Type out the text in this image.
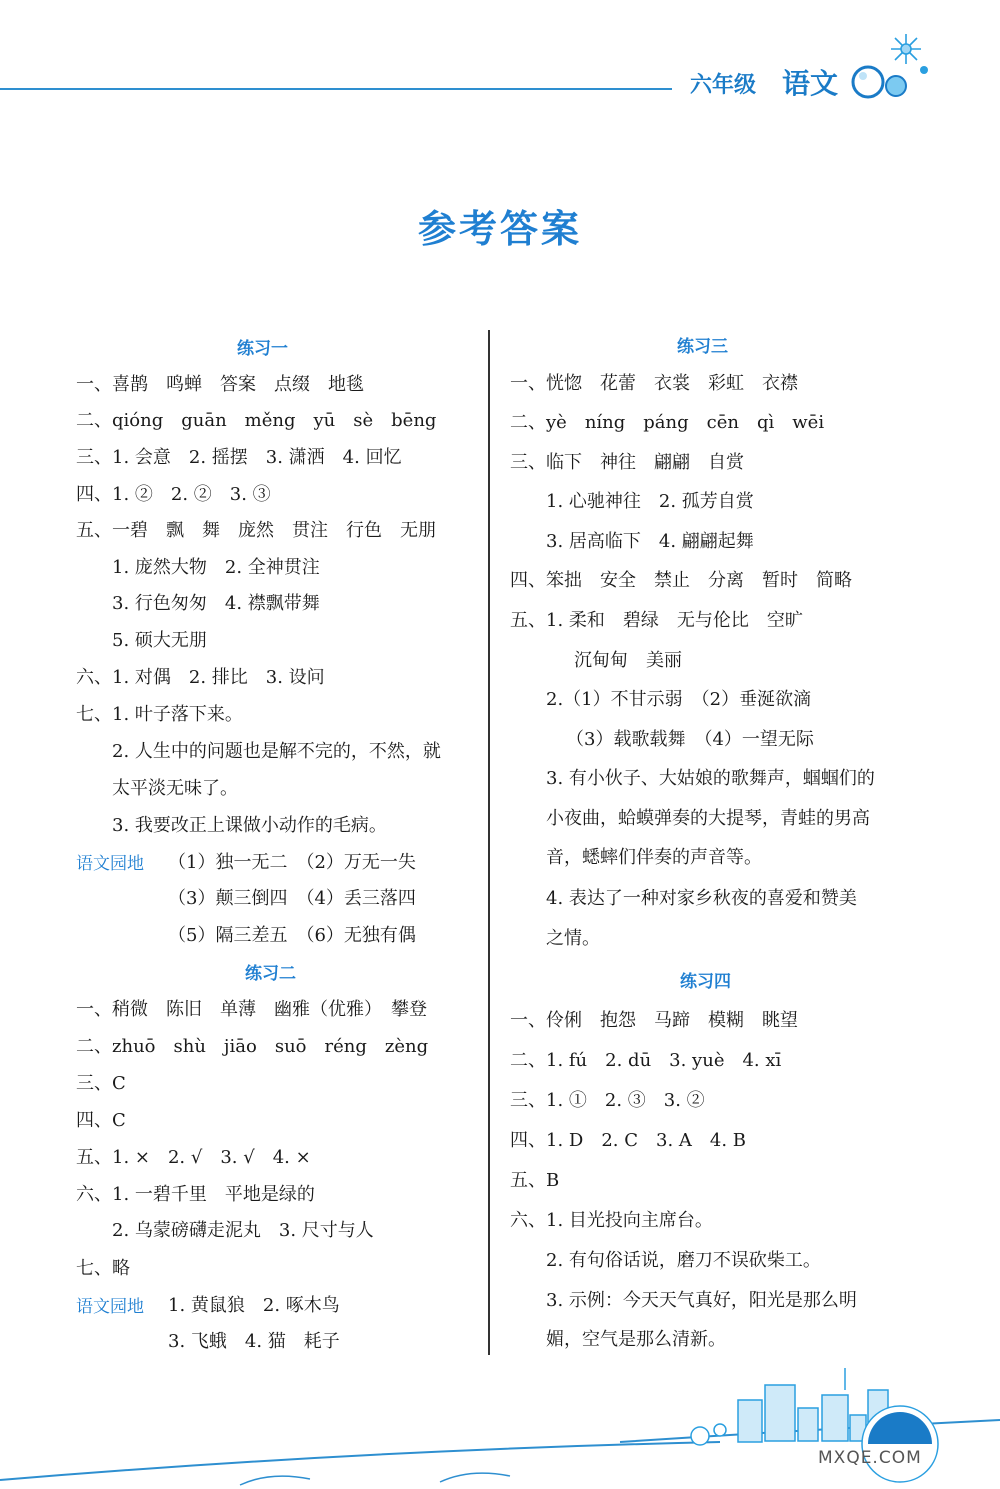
六年级 语文
参考答案
练习一
一、喜鹊　鸣蝉　答案　点缀　地毯
二、qióng　guān　měng　yū　sè　bēng
三、1. 会意　2. 摇摆　3. 潇洒　4. 回忆
四、1. ②　2. ②　3. ③
五、一碧　飘　舞　庞然　贯注　行色　无朋
1. 庞然大物　2. 全神贯注
3. 行色匆匆　4. 襟飘带舞
5. 硕大无朋
六、1. 对偶　2. 排比　3. 设问
七、1. 叶子落下来。
2. 人生中的问题也是解不完的，不然，就
太平淡无味了。
3. 我要改正上课做小动作的毛病。
语文园地 （1）独一无二　（2）万无一失
（3）颠三倒四　（4）丢三落四
（5）隔三差五　（6）无独有偶
练习二
一、稍微　陈旧　单薄　幽雅（优雅）　攀登
二、zhuō　shù　jiāo　suō　réng　zèng
三、C
四、C
五、1. ×　2. √　3. √　4. ×
六、1. 一碧千里　平地是绿的
2. 乌蒙磅礴走泥丸　3. 尺寸与人
七、略
语文园地 1. 黄鼠狼　2. 啄木鸟
3. 飞蛾　4. 猫　耗子
练习三
一、恍惚　花蕾　衣裳　彩虹　衣襟
二、yè　níng　páng　cēn　qì　wēi
三、临下　神往　翩翩　自赏
1. 心驰神往　2. 孤芳自赏
3. 居高临下　4. 翩翩起舞
四、笨拙　安全　禁止　分离　暂时　简略
五、1. 柔和　碧绿　无与伦比　空旷
沉甸甸　美丽
2.（1）不甘示弱　（2）垂涎欲滴
（3）载歌载舞　（4）一望无际
3. 有小伙子、大姑娘的歌舞声，蝈蝈们的
小夜曲，蛤蟆弹奏的大提琴，青蛙的男高
音，蟋蟀们伴奏的声音等。
4. 表达了一种对家乡秋夜的喜爱和赞美
之情。
练习四
一、伶俐　抱怨　马蹄　模糊　眺望
二、1. fú　2. dū　3. yuè　4. xī
三、1. ①　2. ③　3. ②
四、1. D　2. C　3. A　4. B
五、B
六、1. 目光投向主席台。
2. 有句俗话说，磨刀不误砍柴工。
3. 示例：今天天气真好，阳光是那么明
媚，空气是那么清新。
MXQE.COM
